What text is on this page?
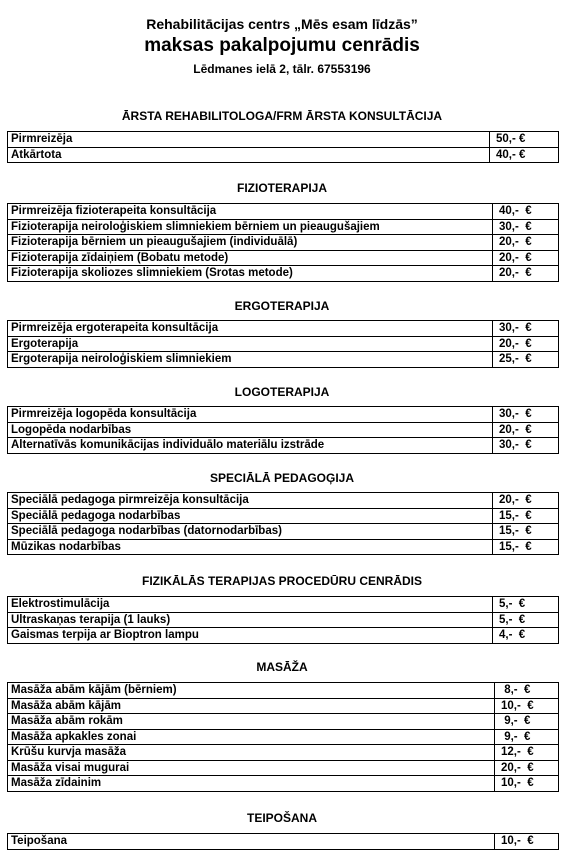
Rehabilitācijas centrs „Mēs esam līdzās”
maksas pakalpojumu cenrādis
Lēdmanes ielā 2, tālr. 67553196
ĀRSTA REHABILITOLOGA/FRM ĀRSTA KONSULTĀCIJA
Pirmreizēja	50,- €
Atkārtota	40,- €
FIZIOTERAPIJA
Pirmreizēja fizioterapeita konsultācija	40,-  €
Fizioterapija neiroloģiskiem slimniekiem bērniem un pieaugušajiem	30,-  €
Fizioterapija bērniem un pieaugušajiem (individuālā)	20,-  €
Fizioterapija zīdaiņiem (Bobatu metode)	20,-  €
Fizioterapija skoliozes slimniekiem (Srotas metode)	20,-  €
ERGOTERAPIJA
Pirmreizēja ergoterapeita konsultācija	30,-  €
Ergoterapija	20,-  €
Ergoterapija neiroloģiskiem slimniekiem	25,-  €
LOGOTERAPIJA
Pirmreizēja logopēda konsultācija	30,-  €
Logopēda nodarbības	20,-  €
Alternatīvās komunikācijas individuālo materiālu izstrāde	30,-  €
SPECIĀLĀ PEDAGOĢIJA
Speciālā pedagoga pirmreizēja konsultācija	20,-  €
Speciālā pedagoga nodarbības	15,-  €
Speciālā pedagoga nodarbības (datornodarbības)	15,-  €
Mūzikas nodarbības	15,-  €
FIZIKĀLĀS TERAPIJAS PROCEDŪRU CENRĀDIS
Elektrostimulācija	5,-  €
Ultraskaņas terapija (1 lauks)	5,-  €
Gaismas terpija ar Bioptron lampu	4,-  €
MASĀŽA
Masāža abām kājām (bērniem)	8,-  €
Masāža abām kājām	10,-  €
Masāža abām rokām	9,-  €
Masāža apkakles zonai	9,-  €
Krūšu kurvja masāža	12,-  €
Masāža visai mugurai	20,-  €
Masāža zīdainim	10,-  €
TEIPOŠANA
Teipošana	10,-  €
